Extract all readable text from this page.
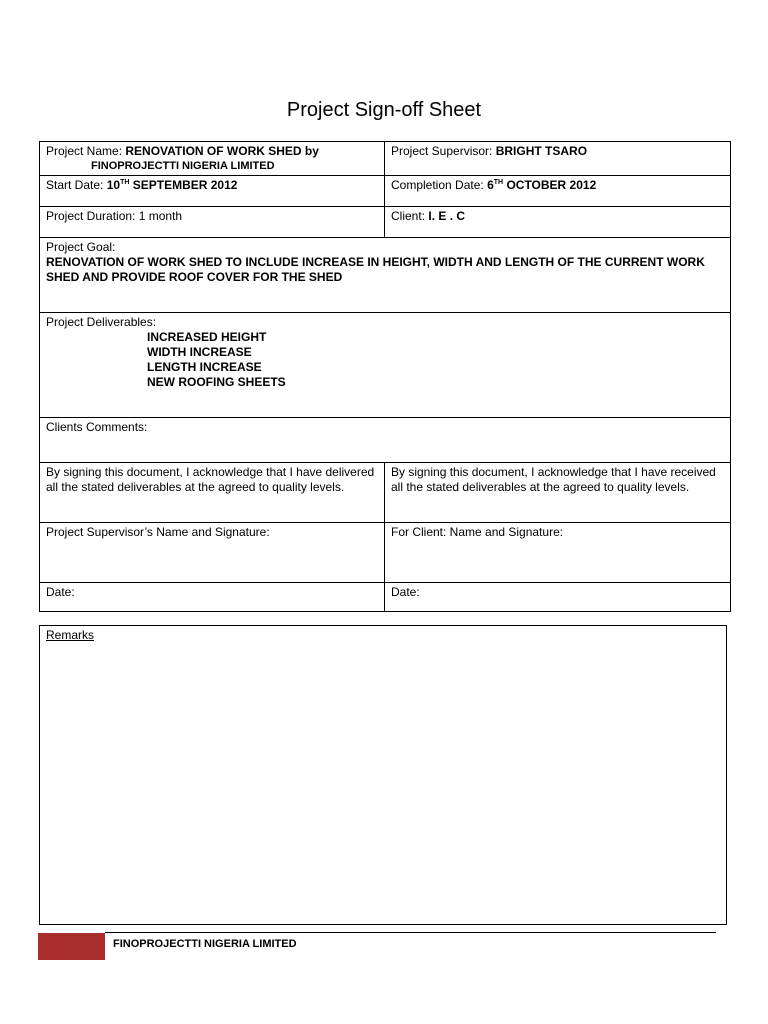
Project Sign-off Sheet
Project Name: RENOVATION OF WORK SHED by
FINOPROJECTTI NIGERIA LIMITED	Project Supervisor: BRIGHT TSARO
Start Date: 10TH SEPTEMBER 2012	Completion Date: 6TH OCTOBER 2012
Project Duration: 1 month	Client: I. E . C
Project Goal:
RENOVATION OF WORK SHED TO INCLUDE INCREASE IN HEIGHT, WIDTH AND LENGTH OF THE CURRENT WORK SHED AND PROVIDE ROOF COVER FOR THE SHED	

Project Deliverables:
INCREASED HEIGHT
WIDTH INCREASE
LENGTH INCREASE
NEW ROOFING SHEETS	

Clients Comments:	
By signing this document, I acknowledge that I have delivered all the stated deliverables at the agreed to quality levels.	By signing this document, I acknowledge that I have received all the stated deliverables at the agreed to quality levels.
Project Supervisor’s Name and Signature:	For Client: Name and Signature:
Date:	Date:
Remarks
FINOPROJECTTI NIGERIA LIMITED
